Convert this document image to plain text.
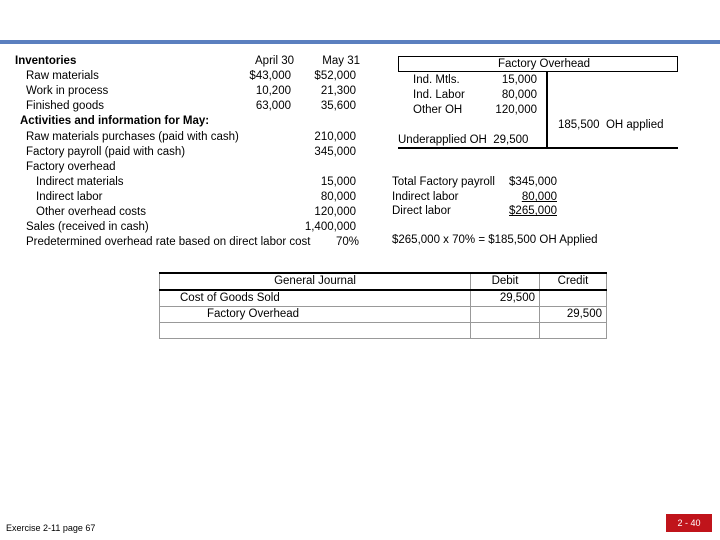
Inventories	April 30	May 31
Raw materials	$43,000	$52,000
Work in process	10,200	21,300
Finished goods	63,000	35,600
Activities and information for May:
Raw materials purchases (paid with cash)	210,000
Factory payroll (paid with cash)	345,000
Factory overhead
Indirect materials	15,000
Indirect labor	80,000
Other overhead costs	120,000
Sales (received in cash)	1,400,000
Predetermined overhead rate based on direct labor cost 70%
Factory Overhead
Ind. Mtls.	15,000
Ind. Labor	80,000
Other OH	120,000
185,500  OH applied
Underapplied OH  29,500
Total Factory payroll	$345,000
Indirect labor	80,000
Direct labor	$265,000
$265,000 x 70% = $185,500 OH Applied
General Journal	Debit	Credit
Cost of Goods Sold	29,500	
Factory Overhead		29,500

Exercise 2-11 page 67	2 - 40
